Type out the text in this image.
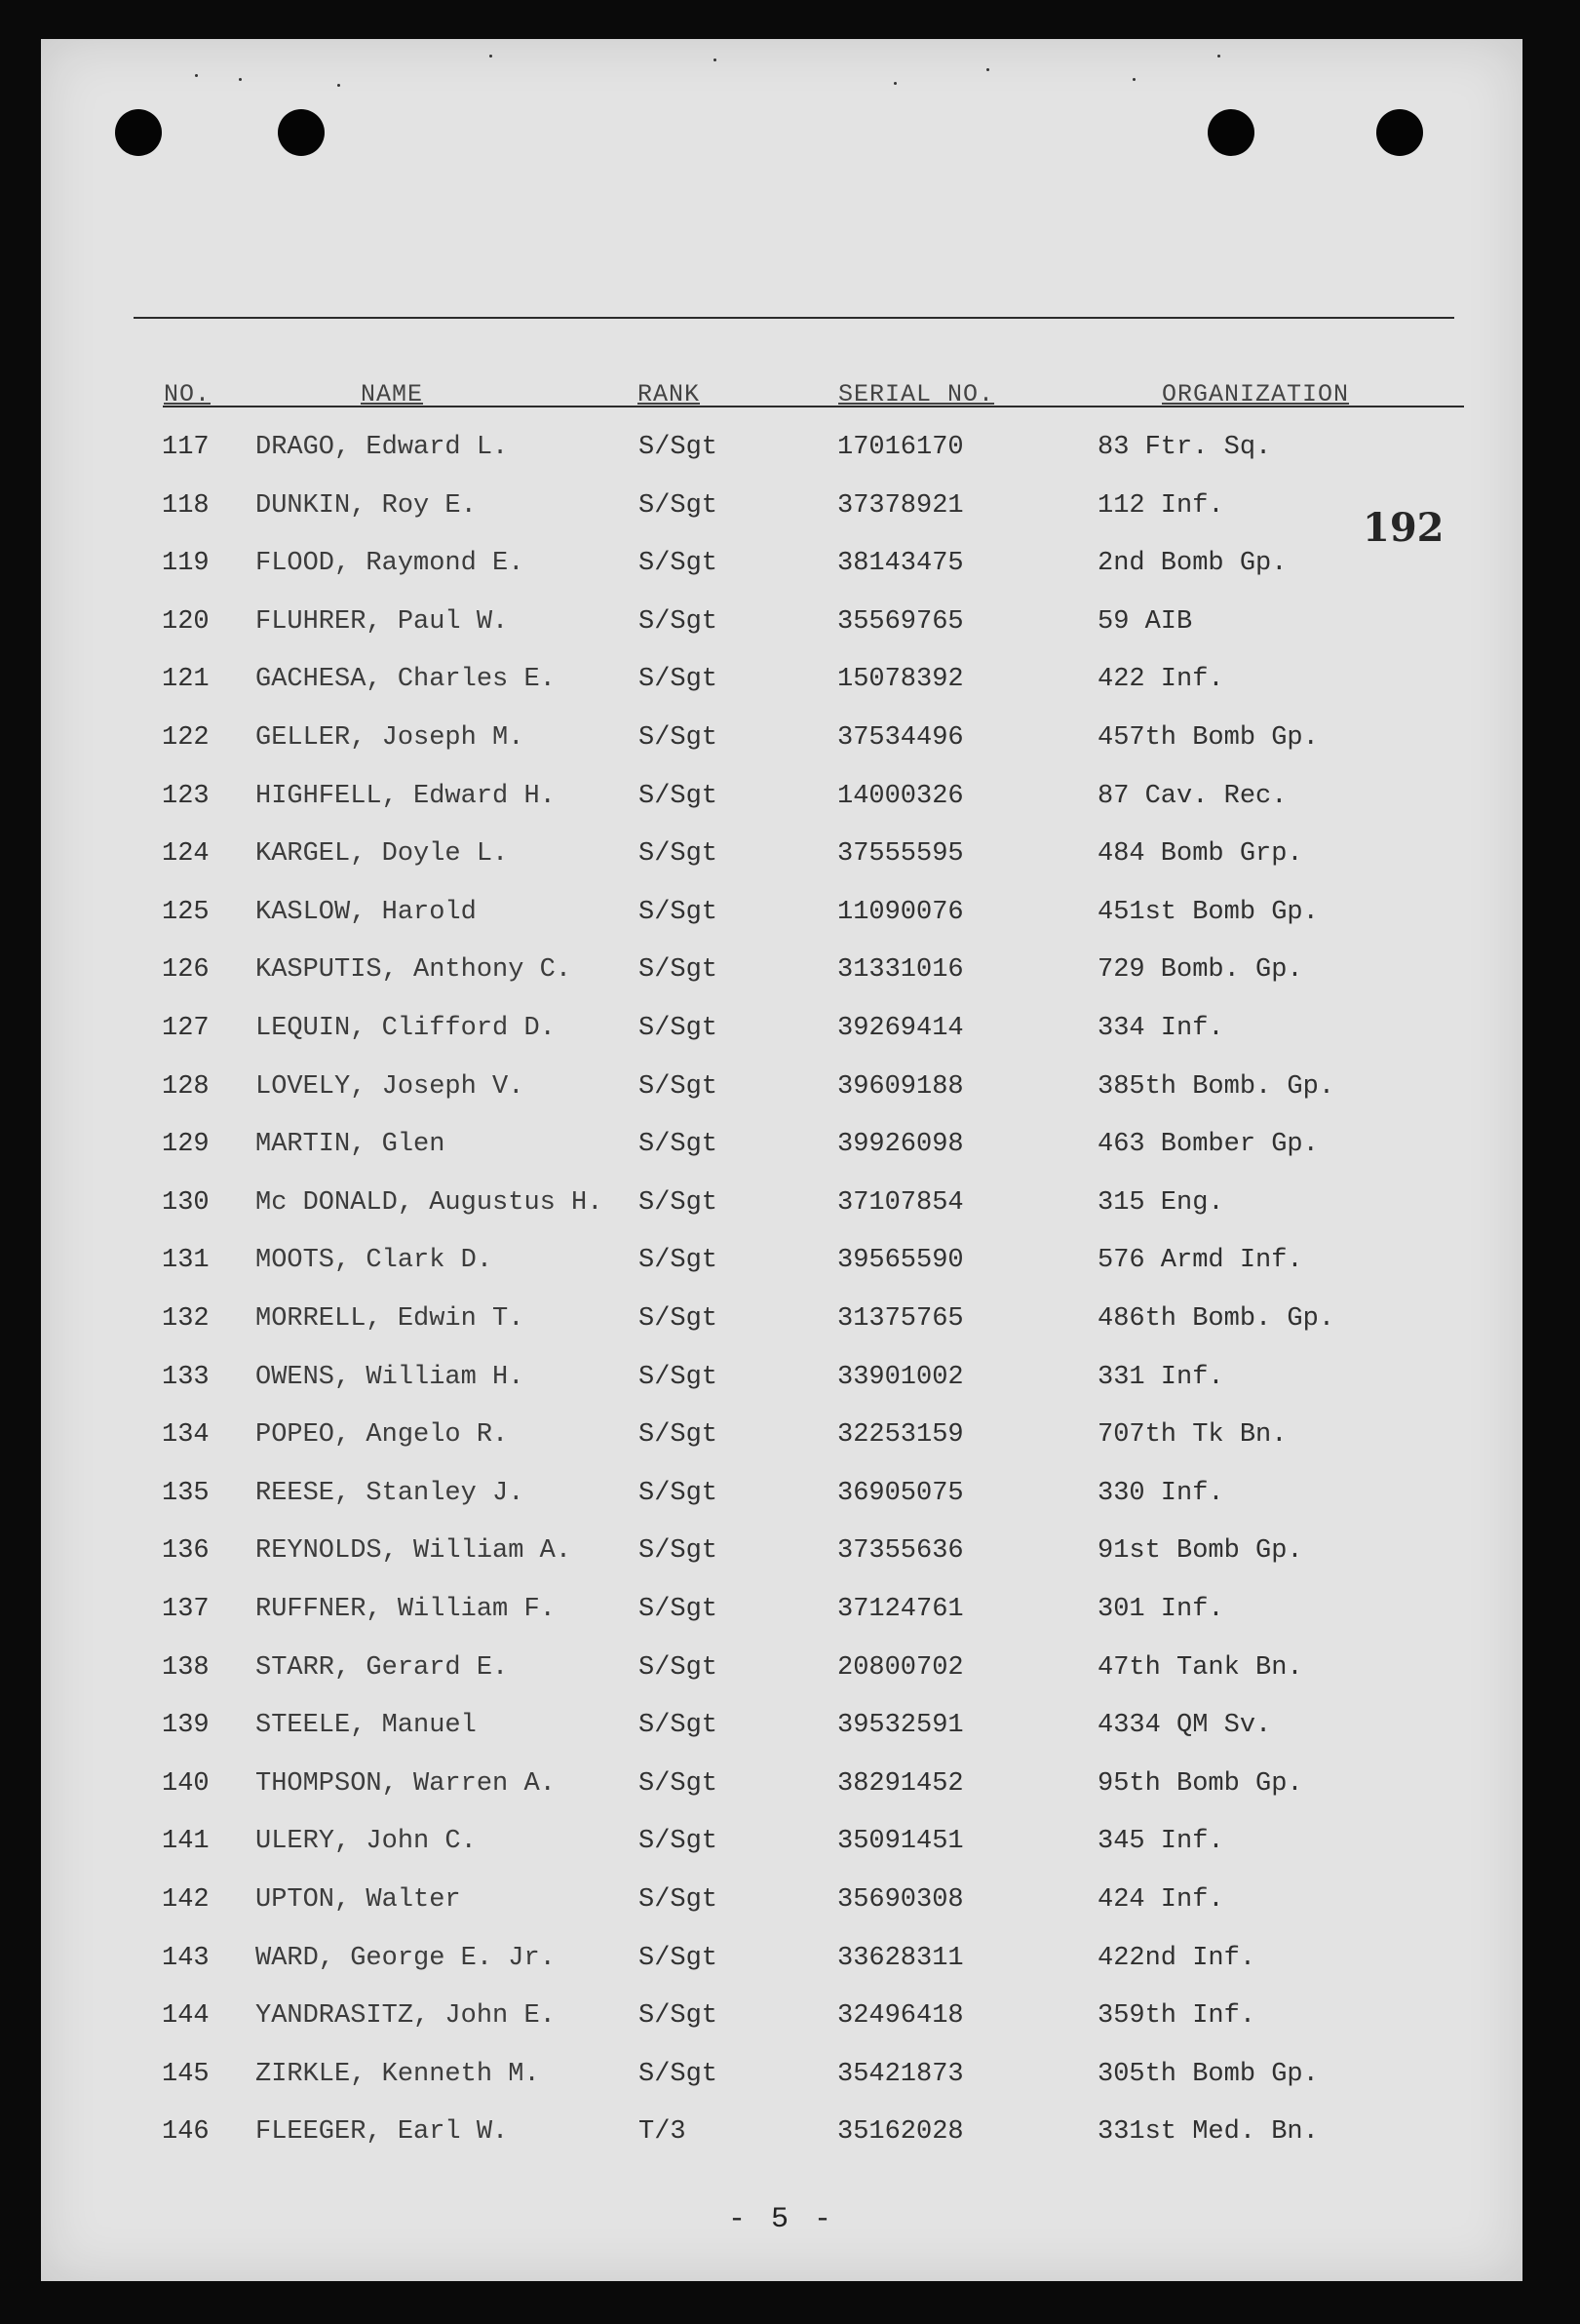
NO.	NAME	RANK	SERIAL NO.	ORGANIZATION
192
117 DRAGO, Edward L.	S/Sgt	17016170	83 Ftr. Sq.
118 DUNKIN, Roy E.	S/Sgt	37378921	112 Inf.
119 FLOOD, Raymond E.	S/Sgt	38143475	2nd Bomb Gp.
120 FLUHRER, Paul W.	S/Sgt	35569765	59 AIB
121 GACHESA, Charles E.	S/Sgt	15078392	422 Inf.
122 GELLER, Joseph M.	S/Sgt	37534496	457th Bomb Gp.
123 HIGHFELL, Edward H.	S/Sgt	14000326	87 Cav. Rec.
124 KARGEL, Doyle L.	S/Sgt	37555595	484 Bomb Grp.
125 KASLOW, Harold	S/Sgt	11090076	451st Bomb Gp.
126 KASPUTIS, Anthony C.	S/Sgt	31331016	729 Bomb. Gp.
127 LEQUIN, Clifford D.	S/Sgt	39269414	334 Inf.
128 LOVELY, Joseph V.	S/Sgt	39609188	385th Bomb. Gp.
129 MARTIN, Glen	S/Sgt	39926098	463 Bomber Gp.
130 Mc DONALD, Augustus H. S/Sgt	37107854	315 Eng.
131 MOOTS, Clark D.	S/Sgt	39565590	576 Armd Inf.
132 MORRELL, Edwin T.	S/Sgt	31375765	486th Bomb. Gp.
133 OWENS, William H.	S/Sgt	33901002	331 Inf.
134 POPEO, Angelo R.	S/Sgt	32253159	707th Tk Bn.
135 REESE, Stanley J.	S/Sgt	36905075	330 Inf.
136 REYNOLDS, William A.	S/Sgt	37355636	91st Bomb Gp.
137 RUFFNER, William F.	S/Sgt	37124761	301 Inf.
138 STARR, Gerard E.	S/Sgt	20800702	47th Tank Bn.
139 STEELE, Manuel	S/Sgt	39532591	4334 QM Sv.
140 THOMPSON, Warren A.	S/Sgt	38291452	95th Bomb Gp.
141 ULERY, John C.	S/Sgt	35091451	345 Inf.
142 UPTON, Walter	S/Sgt	35690308	424 Inf.
143 WARD, George E. Jr.	S/Sgt	33628311	422nd Inf.
144 YANDRASITZ, John E.	S/Sgt	32496418	359th Inf.
145 ZIRKLE, Kenneth M.	S/Sgt	35421873	305th Bomb Gp.
146 FLEEGER, Earl W.	T/3	35162028	331st Med. Bn.
- 5 -
